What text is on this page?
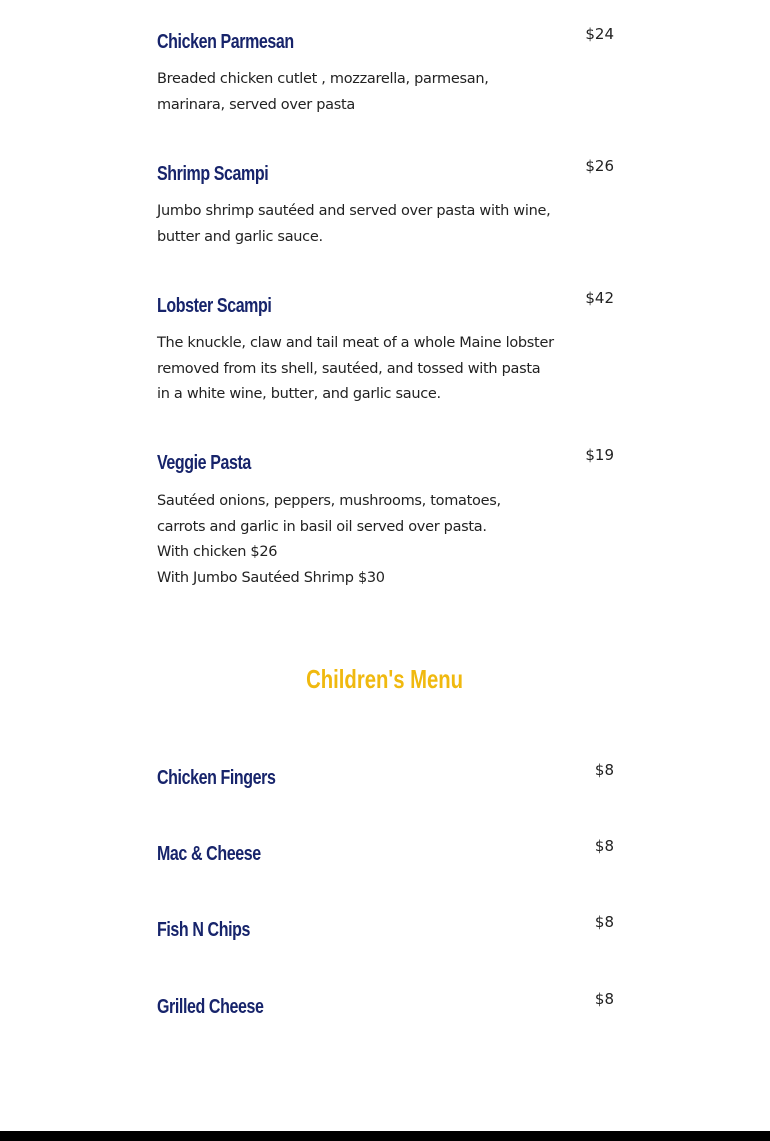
Chicken Parmesan	$24

Breaded chicken cutlet , mozzarella, parmesan,
marinara, served over pasta

Shrimp Scampi	$26

Jumbo shrimp sautéed and served over pasta with wine,
butter and garlic sauce.

Lobster Scampi	$42

The knuckle, claw and tail meat of a whole Maine lobster
removed from its shell, sautéed, and tossed with pasta
in a white wine, butter, and garlic sauce.

Veggie Pasta	$19

Sautéed onions, peppers, mushrooms, tomatoes,
carrots and garlic in basil oil served over pasta.
With chicken $26
With Jumbo Sautéed Shrimp $30

Children's Menu
Chicken Fingers	$8
Mac & Cheese	$8
Fish N Chips	$8
Grilled Cheese	$8
